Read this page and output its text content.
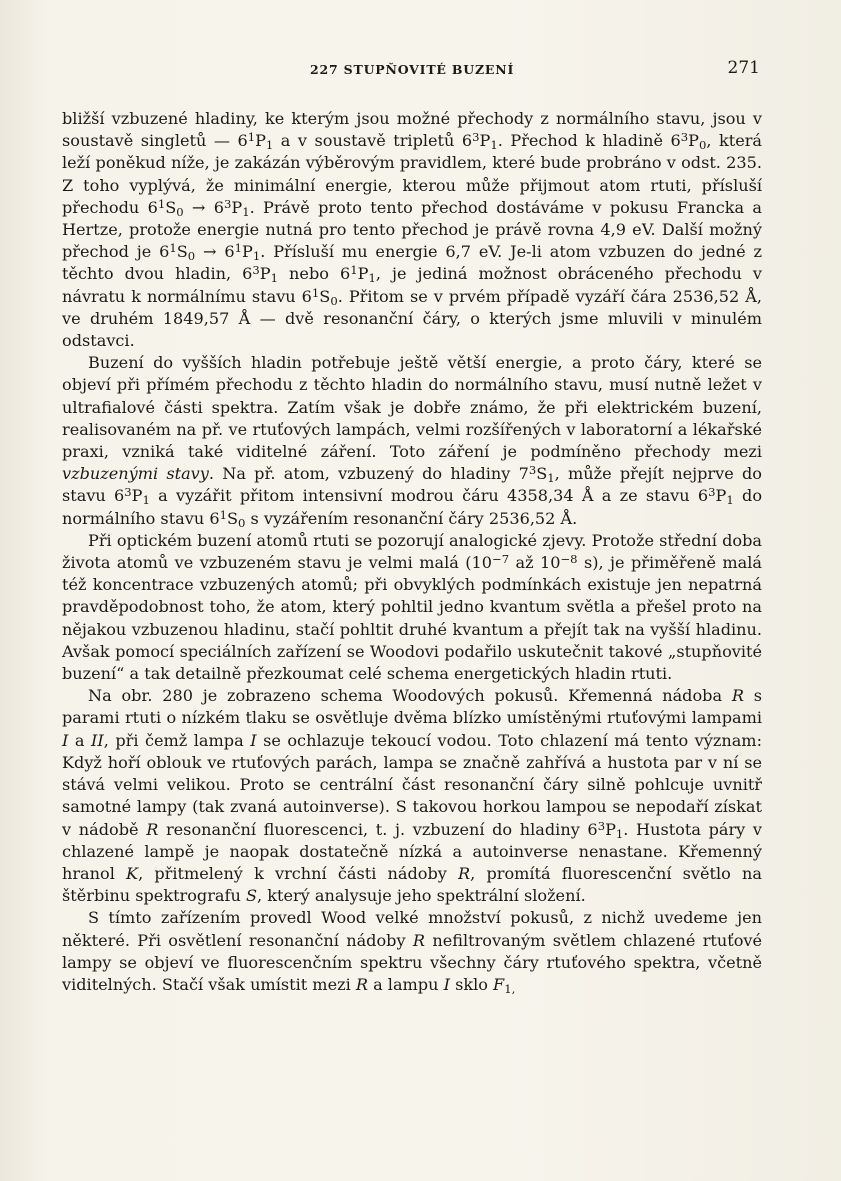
227 STUPŇOVITÉ BUZENÍ	271

bližší vzbuzené hladiny, ke kterým jsou možné přechody z normálního stavu, jsou v soustavě singletů — $6^1P_1$ a v soustavě tripletů $6^3P_1$. Přechod k hladině $6^3P_0$, která leží poněkud níže, je zakázán výběrovým pravidlem, které bude probráno v odst. 235. Z toho vyplývá, že minimální energie, kterou může přijmout atom rtuti, přísluší přechodu $6^1S_0 \to 6^3P_1$. Právě proto tento přechod dostáváme v pokusu Francka a Hertze, protože energie nutná pro tento přechod je právě rovna 4,9 eV. Další možný přechod je $6^1S_0 \to 6^1P_1$. Přísluší mu energie 6,7 eV. Je-li atom vzbuzen do jedné z těchto dvou hladin, $6^3P_1$ nebo $6^1P_1$, je jediná možnost obráceného přechodu v návratu k normálnímu stavu $6^1S_0$. Přitom se v prvém případě vyzáří čára 2536,52 Å, ve druhém 1849,57 Å — dvě resonanční čáry, o kterých jsme mluvili v minulém odstavci.

Buzení do vyšších hladin potřebuje ještě větší energie, a proto čáry, které se objeví při přímém přechodu z těchto hladin do normálního stavu, musí nutně ležet v ultrafialové části spektra. Zatím však je dobře známo, že při elektrickém buzení, realisovaném na př. ve rtuťových lampách, velmi rozšířených v laboratorní a lékařské praxi, vzniká také viditelné záření. Toto záření je podmíněno přechody mezi vzbuzenými stavy. Na př. atom, vzbuzený do hladiny $7^3S_1$, může přejít nejprve do stavu $6^3P_1$ a vyzářit přitom intensivní modrou čáru 4358,34 Å a ze stavu $6^3P_1$ do normálního stavu $6^1S_0$ s vyzářením resonanční čáry 2536,52 Å.

Při optickém buzení atomů rtuti se pozorují analogické zjevy. Protože střední doba života atomů ve vzbuzeném stavu je velmi malá ($10^{-7}$ až $10^{-8}$ s), je přiměřeně malá též koncentrace vzbuzených atomů; při obvyklých podmínkách existuje jen nepatrná pravděpodobnost toho, že atom, který pohltil jedno kvantum světla a přešel proto na nějakou vzbuzenou hladinu, stačí pohltit druhé kvantum a přejít tak na vyšší hladinu. Avšak pomocí speciálních zařízení se Woodovi podařilo uskutečnit takové „stupňovité buzení“ a tak detailně přezkoumat celé schema energetických hladin rtuti.

Na obr. 280 je zobrazeno schema Woodových pokusů. Křemenná nádoba R s parami rtuti o nízkém tlaku se osvětluje dvěma blízko umístěnými rtuťovými lampami I a II, při čemž lampa I se ochlazuje tekoucí vodou. Toto chlazení má tento význam: Když hoří oblouk ve rtuťových parách, lampa se značně zahřívá a hustota par v ní se stává velmi velikou. Proto se centrální část resonanční čáry silně pohlcuje uvnitř samotné lampy (tak zvaná autoinverse). S takovou horkou lampou se nepodaří získat v nádobě R resonanční fluorescenci, t. j. vzbuzení do hladiny $6^3P_1$. Hustota páry v chlazené lampě je naopak dostatečně nízká a autoinverse nenastane. Křemenný hranol K, přitmelený k vrchní části nádoby R, promítá fluorescenční světlo na štěrbinu spektrografu S, který analysuje jeho spektrální složení.

S tímto zařízením provedl Wood velké množství pokusů, z nichž uvedeme jen některé. Při osvětlení resonanční nádoby R nefiltrovaným světlem chlazené rtuťové lampy se objeví ve fluorescenčním spektru všechny čáry rtuťového spektra, včetně viditelných. Stačí však umístit mezi R a lampu I sklo $F_{1,}$
